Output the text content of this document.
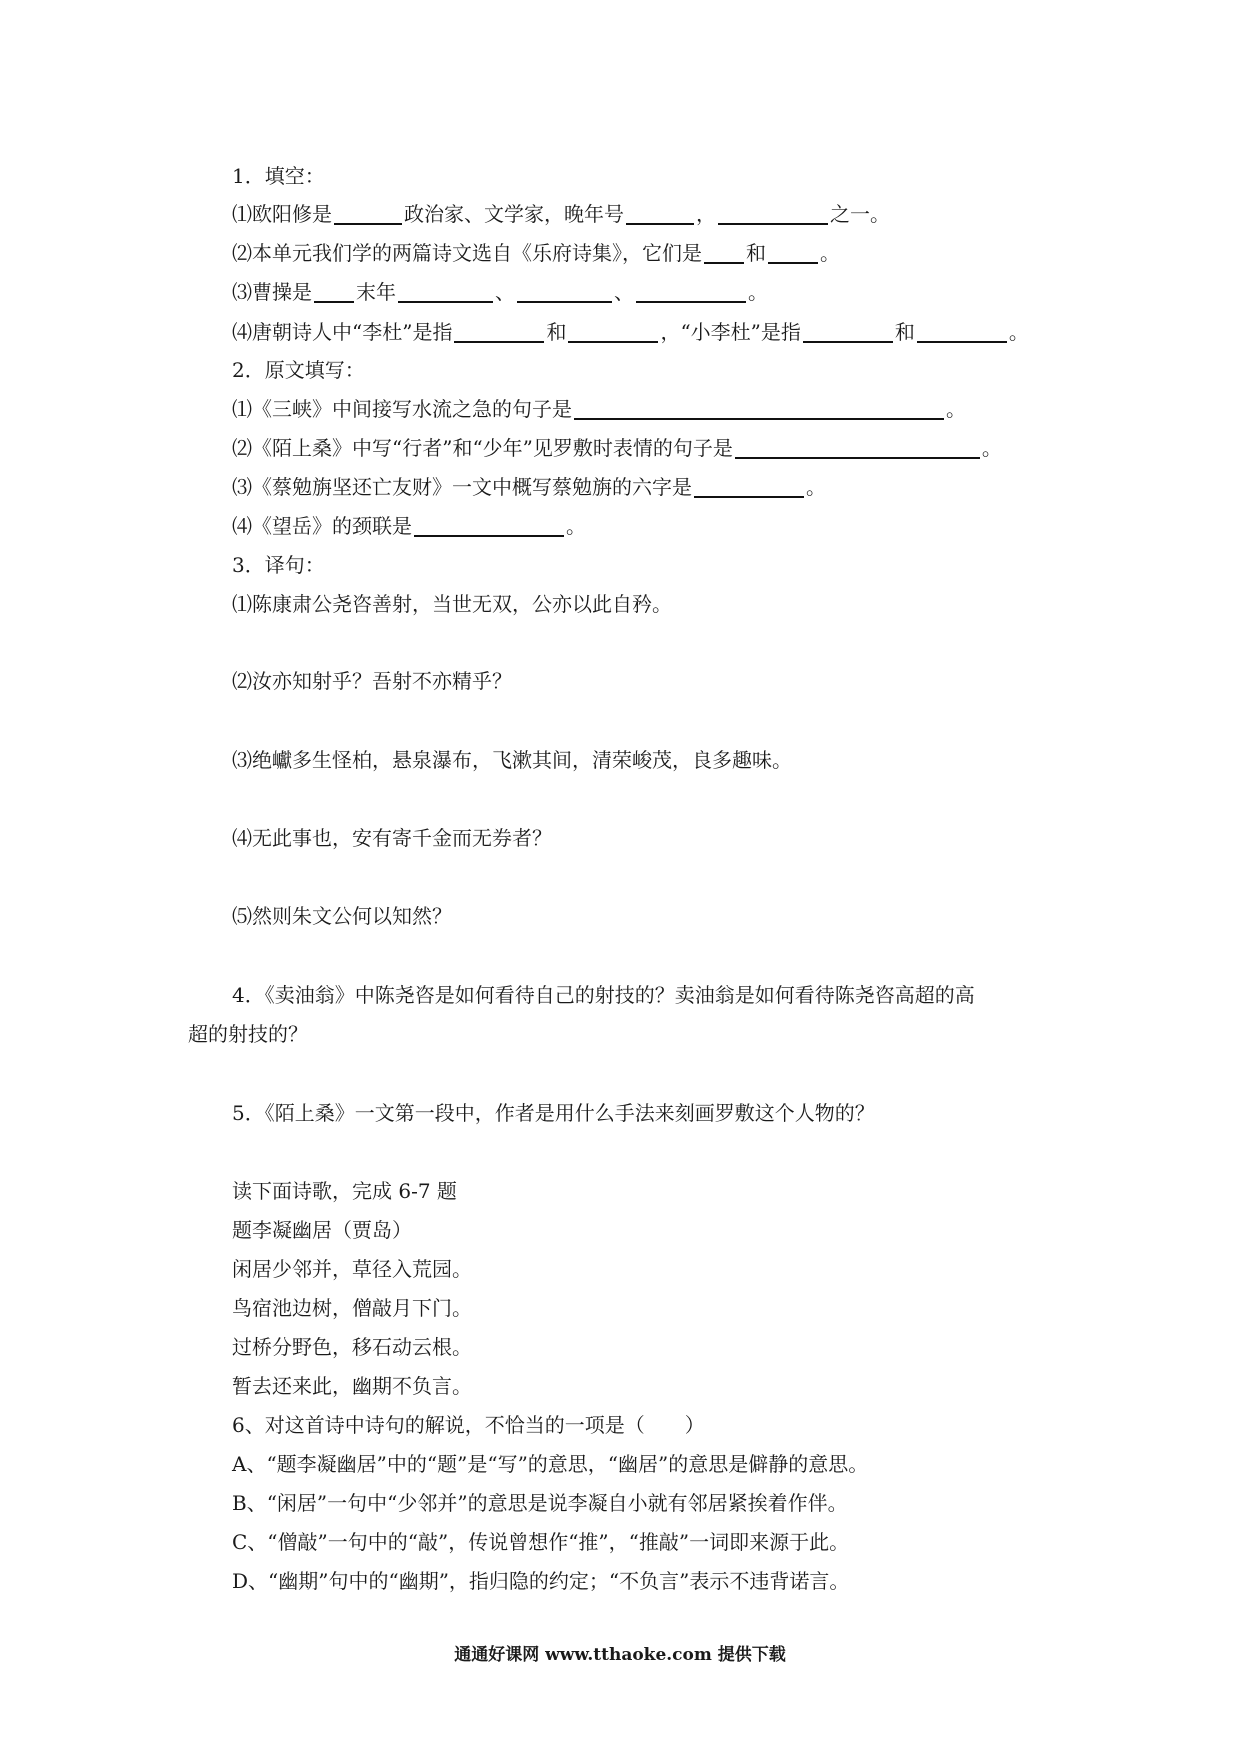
1．填空：
⑴欧阳修是	政治家、文学家，晚年号	，	之一。
⑵本单元我们学的两篇诗文选自《乐府诗集》，它们是 和	。
⑶曹操是 末年	、	、	。
⑷唐朝诗人中“李杜”是指	和	，“小李杜”是指	和	。
2．原文填写：
⑴《三峡》中间接写水流之急的句子是	。
⑵《陌上桑》中写“行者”和“少年”见罗敷时表情的句子是	。
⑶《蔡勉旃坚还亡友财》一文中概写蔡勉旃的六字是	。
⑷《望岳》的颈联是	。
3．译句：
⑴陈康肃公尧咨善射，当世无双，公亦以此自矜。
⑵汝亦知射乎？吾射不亦精乎？
⑶绝巘多生怪柏，悬泉瀑布，飞漱其间，清荣峻茂，良多趣味。
⑷无此事也，安有寄千金而无券者？
⑸然则朱文公何以知然？
4．《卖油翁》中陈尧咨是如何看待自己的射技的？卖油翁是如何看待陈尧咨高超的高
超的射技的？
5．《陌上桑》一文第一段中，作者是用什么手法来刻画罗敷这个人物的？
读下面诗歌，完成 6-7 题
题李凝幽居（贾岛）
闲居少邻并，草径入荒园。
鸟宿池边树，僧敲月下门。
过桥分野色，移石动云根。
暂去还来此，幽期不负言。
6、对这首诗中诗句的解说，不恰当的一项是（　　）
A、“题李凝幽居”中的“题”是“写”的意思，“幽居”的意思是僻静的意思。
B、“闲居”一句中“少邻并”的意思是说李凝自小就有邻居紧挨着作伴。
C、“僧敲”一句中的“敲”，传说曾想作“推”，“推敲”一词即来源于此。
D、“幽期”句中的“幽期”，指归隐的约定；“不负言”表示不违背诺言。
通通好课网 www.tthaoke.com 提供下载
